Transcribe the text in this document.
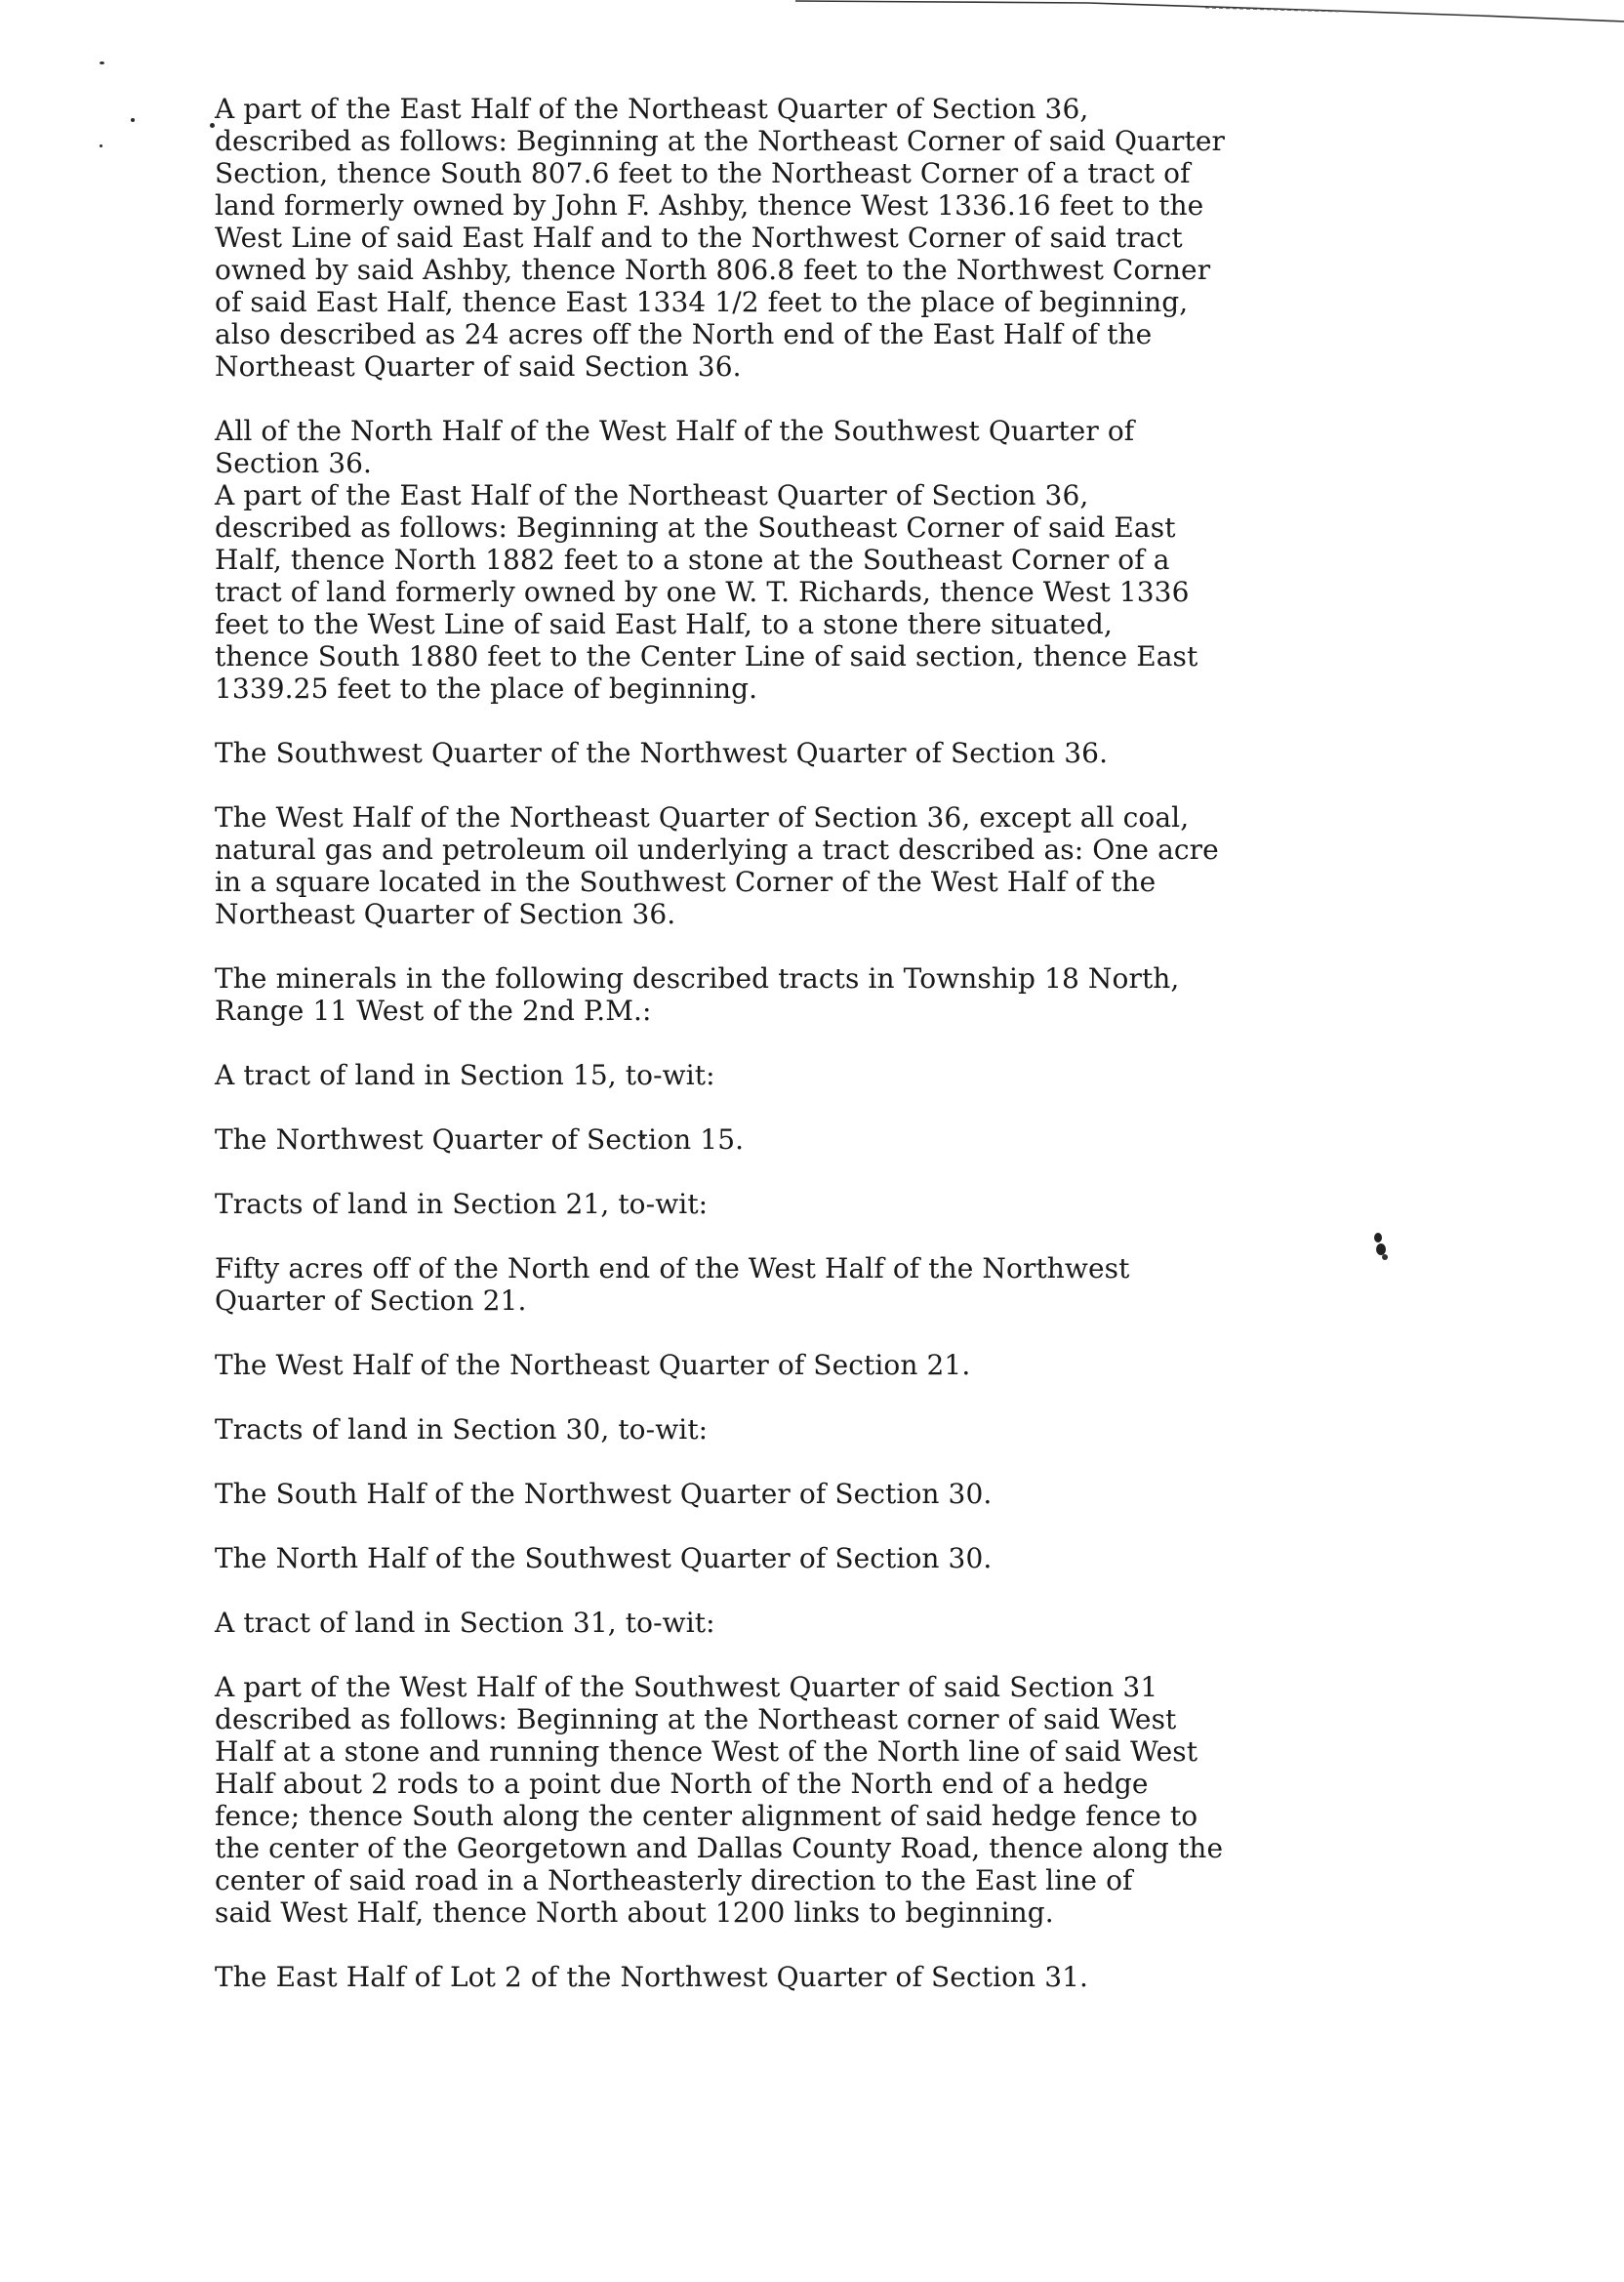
A part of the East Half of the Northeast Quarter of Section 36,
described as follows: Beginning at the Northeast Corner of said Quarter
Section, thence South 807.6 feet to the Northeast Corner of a tract of
land formerly owned by John F. Ashby, thence West 1336.16 feet to the
West Line of said East Half and to the Northwest Corner of said tract
owned by said Ashby, thence North 806.8 feet to the Northwest Corner
of said East Half, thence East 1334 1/2 feet to the place of beginning,
also described as 24 acres off the North end of the East Half of the
Northeast Quarter of said Section 36.

All of the North Half of the West Half of the Southwest Quarter of
Section 36.

A part of the East Half of the Northeast Quarter of Section 36,
described as follows: Beginning at the Southeast Corner of said East
Half, thence North 1882 feet to a stone at the Southeast Corner of a
tract of land formerly owned by one W. T. Richards, thence West 1336
feet to the West Line of said East Half, to a stone there situated,
thence South 1880 feet to the Center Line of said section, thence East
1339.25 feet to the place of beginning.

The Southwest Quarter of the Northwest Quarter of Section 36.

The West Half of the Northeast Quarter of Section 36, except all coal,
natural gas and petroleum oil underlying a tract described as: One acre
in a square located in the Southwest Corner of the West Half of the
Northeast Quarter of Section 36.

The minerals in the following described tracts in Township 18 North,
Range 11 West of the 2nd P.M.:

A tract of land in Section 15, to-wit:

The Northwest Quarter of Section 15.

Tracts of land in Section 21, to-wit:

Fifty acres off of the North end of the West Half of the Northwest
Quarter of Section 21.

The West Half of the Northeast Quarter of Section 21.

Tracts of land in Section 30, to-wit:

The South Half of the Northwest Quarter of Section 30.

The North Half of the Southwest Quarter of Section 30.

A tract of land in Section 31, to-wit:

A part of the West Half of the Southwest Quarter of said Section 31
described as follows: Beginning at the Northeast corner of said West
Half at a stone and running thence West of the North line of said West
Half about 2 rods to a point due North of the North end of a hedge
fence; thence South along the center alignment of said hedge fence to
the center of the Georgetown and Dallas County Road, thence along the
center of said road in a Northeasterly direction to the East line of
said West Half, thence North about 1200 links to beginning.

The East Half of Lot 2 of the Northwest Quarter of Section 31.
